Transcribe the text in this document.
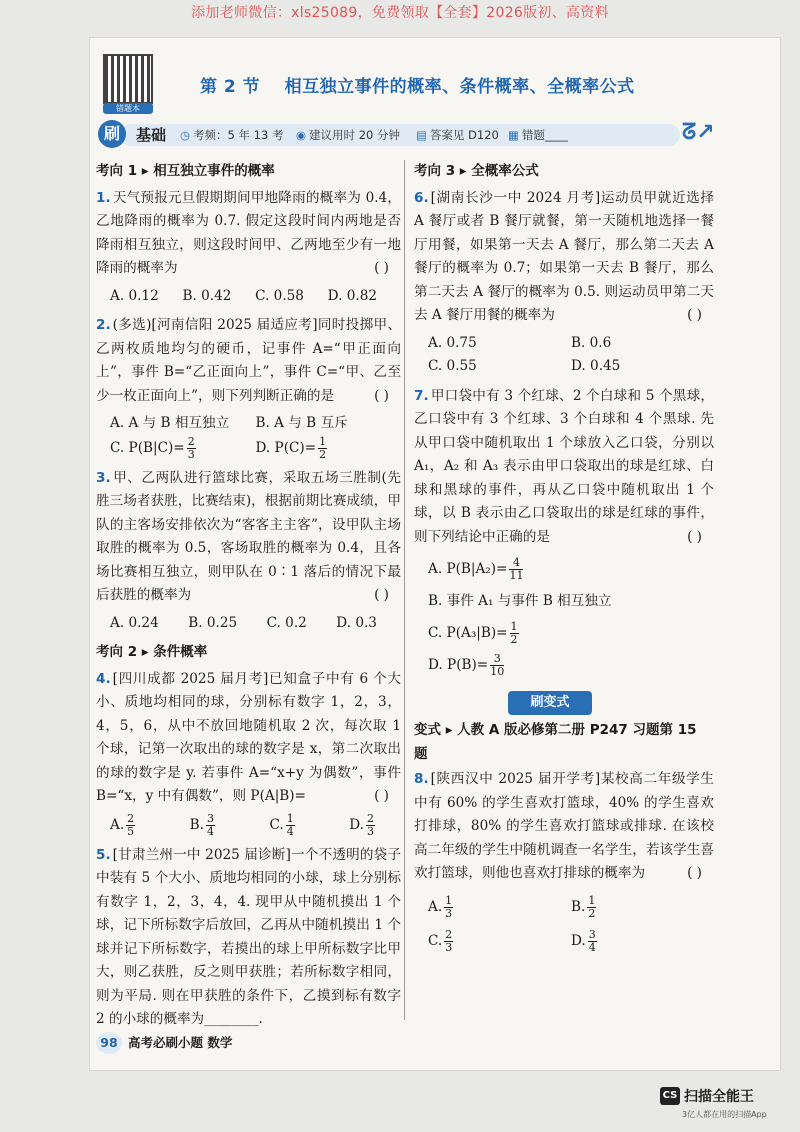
添加老师微信：xls25089，免费领取【全套】2026版初、高资料
错题本
第 2 节 相互独立事件的概率、条件概率、全概率公式
刷	基础 ◷ 考频：5 年 13 考 ◉ 建议用时 20 分钟 ▤ 答案见 D120 ▦ 错题____	ᘔ↗
考向 1 ▸ 相互独立事件的概率
1. 天气预报元旦假期期间甲地降雨的概率为 0.4，乙地降雨的概率为 0.7. 假定这段时间内两地是否降雨相互独立，则这段时间甲、乙两地至少有一地降雨的概率为	( )
A. 0.12 B. 0.42 C. 0.58 D. 0.82
2. (多选)[河南信阳 2025 届适应考]同时投掷甲、乙两枚质地均匀的硬币，记事件 A=“甲正面向上”，事件 B=“乙正面向上”，事件 C=“甲、乙至少一枚正面向上”，则下列判断正确的是	( )
A. A 与 B 相互独立	B. A 与 B 互斥
C. $P(B|C)= \frac{2}{3}$	D. $P(C)= \frac{1}{2}$
3. 甲、乙两队进行篮球比赛，采取五场三胜制(先胜三场者获胜，比赛结束)，根据前期比赛成绩，甲队的主客场安排依次为“客客主主客”，设甲队主场取胜的概率为 0.5，客场取胜的概率为 0.4，且各场比赛相互独立，则甲队在 0∶1 落后的情况下最后获胜的概率为	( )
A. 0.24 B. 0.25 C. 0.2 D. 0.3
考向 2 ▸ 条件概率
4. [四川成都 2025 届月考]已知盒子中有 6 个大小、质地均相同的球，分别标有数字 1，2，3，4，5，6，从中不放回地随机取 2 次，每次取 1 个球，记第一次取出的球的数字是 x，第二次取出的球的数字是 y. 若事件 A=“x+y 为偶数”，事件 B=“x，y 中有偶数”，则 P(A|B)=	( )
A. $\frac{2}{5}$	B. $\frac{3}{4}$	C. $\frac{1}{4}$	D. $\frac{2}{3}$
5. [甘肃兰州一中 2025 届诊断]一个不透明的袋子中装有 5 个大小、质地均相同的小球，球上分别标有数字 1，2，3，4，4. 现甲从中随机摸出 1 个球，记下所标数字后放回，乙再从中随机摸出 1 个球并记下所标数字，若摸出的球上甲所标数字比甲大，则乙获胜，反之则甲获胜；若所标数字相同，则为平局. 则在甲获胜的条件下，乙摸到标有数字 2 的小球的概率为________.
考向 3 ▸ 全概率公式
6. [湖南长沙一中 2024 月考]运动员甲就近选择 A 餐厅或者 B 餐厅就餐，第一天随机地选择一餐厅用餐，如果第一天去 A 餐厅，那么第二天去 A 餐厅的概率为 0.7；如果第一天去 B 餐厅，那么第二天去 A 餐厅的概率为 0.5. 则运动员甲第二天去 A 餐厅用餐的概率为	( )
A. 0.75	B. 0.6
C. 0.55	D. 0.45
7. 甲口袋中有 3 个红球、2 个白球和 5 个黑球，乙口袋中有 3 个红球、3 个白球和 4 个黑球. 先从甲口袋中随机取出 1 个球放入乙口袋，分别以 A₁，A₂ 和 A₃ 表示由甲口袋取出的球是红球、白球和黑球的事件，再从乙口袋中随机取出 1 个球，以 B 表示由乙口袋取出的球是红球的事件，则下列结论中正确的是	( )
A. $P(B|A_2)= \frac{4}{11}$
B. 事件 A₁ 与事件 B 相互独立
C. $P(A_3|B)= \frac{1}{2}$
D. $P(B)= \frac{3}{10}$
刷变式
变式 ▸ 人教 A 版必修第二册 P247 习题第 15 题
8. [陕西汉中 2025 届开学考]某校高二年级学生中有 60% 的学生喜欢打篮球，40% 的学生喜欢打排球，80% 的学生喜欢打篮球或排球. 在该校高二年级的学生中随机调查一名学生，若该学生喜欢打篮球，则他也喜欢打排球的概率为	( )
A. $\frac{1}{3}$	B. $\frac{1}{2}$
C. $\frac{2}{3}$	D. $\frac{3}{4}$
98 高考必刷小题 数学
CS 扫描全能王
3亿人都在用的扫描App
